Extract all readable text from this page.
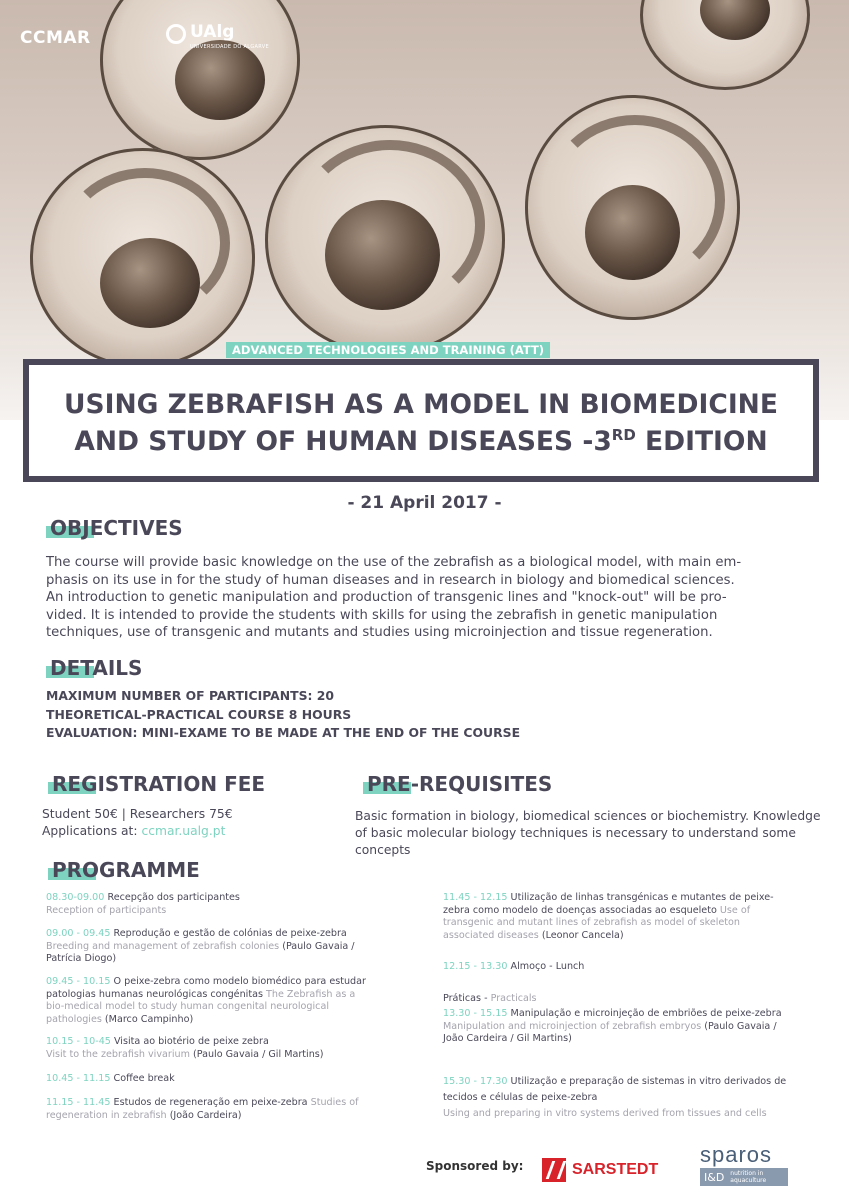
CCMAR	UAlg
UNIVERSIDADE DO ALGARVE
ADVANCED TECHNOLOGIES AND TRAINING (ATT)
USING ZEBRAFISH AS A MODEL IN BIOMEDICINE
AND STUDY OF HUMAN DISEASES -3RD EDITION
- 21 April 2017 -
OBJECTIVES
The course will provide basic knowledge on the use of the zebrafish as a biological model, with main em-
phasis on its use in for the study of human diseases and in research in biology and biomedical sciences.
An introduction to genetic manipulation and production of transgenic lines and "knock-out" will be pro-
vided. It is intended to provide the students with skills for using the zebrafish in genetic manipulation
techniques, use of transgenic and mutants and studies using microinjection and tissue regeneration.
DETAILS
MAXIMUM NUMBER OF PARTICIPANTS: 20
THEORETICAL-PRACTICAL COURSE 8 HOURS
EVALUATION: MINI-EXAME TO BE MADE AT THE END OF THE COURSE
REGISTRATION FEE
Student 50€ | Researchers 75€
Applications at: ccmar.ualg.pt
PRE-REQUISITES
Basic formation in biology, biomedical sciences or biochemistry. Knowledge
of basic molecular biology techniques is necessary to understand some
concepts
PROGRAMME
08.30-09.00 Recepção dos participantes
Reception of participants
09.00 - 09.45 Reprodução e gestão de colónias de peixe-zebra
Breeding and management of zebrafish colonies (Paulo Gavaia / Patrícia Diogo)
09.45 - 10.15 O peixe-zebra como modelo biomédico para estudar patologias humanas neurológicas congénitas The Zebrafish as a bio-medical model to study human congenital neurological pathologies (Marco Campinho)
10.15 - 10-45 Visita ao biotério de peixe zebra
Visit to the zebrafish vivarium (Paulo Gavaia / Gil Martins)
10.45 - 11.15 Coffee break
11.15 - 11.45 Estudos de regeneração em peixe-zebra Studies of regeneration in zebrafish (João Cardeira)
11.45 - 12.15 Utilização de linhas transgénicas e mutantes de peixe-zebra como modelo de doenças associadas ao esqueleto Use of transgenic and mutant lines of zebrafish as model of skeleton associated diseases (Leonor Cancela)
12.15 - 13.30 Almoço - Lunch
Práticas - Practicals
13.30 - 15.15 Manipulação e microinjeção de embriões de peixe-zebra
Manipulation and microinjection of zebrafish embryos (Paulo Gavaia / João Cardeira / Gil Martins)
15.30 - 17.30 Utilização e preparação de sistemas in vitro derivados de tecidos e células de peixe-zebra
Using and preparing in vitro systems derived from tissues and cells
Sponsored by:	SARSTEDT
sparos
I&D nutrition in aquaculture
